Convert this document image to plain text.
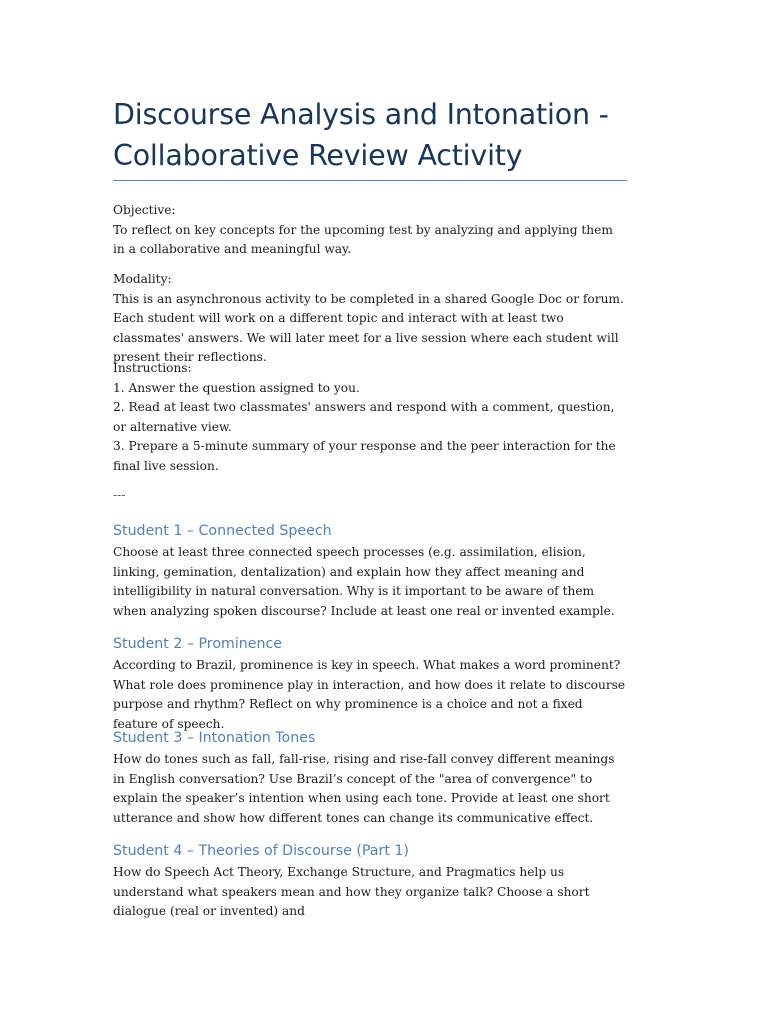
Discourse Analysis and Intonation - Collaborative Review Activity

Objective:

To reflect on key concepts for the upcoming test by analyzing and applying them in a collaborative and meaningful way.

Modality:

This is an asynchronous activity to be completed in a shared Google Doc or forum. Each student will work on a different topic and interact with at least two classmates' answers. We will later meet for a live session where each student will present their reflections.

Instructions:

1. Answer the question assigned to you.

2. Read at least two classmates' answers and respond with a comment, question, or alternative view.

3. Prepare a 5-minute summary of your response and the peer interaction for the final live session.

---
Student 1 – Connected Speech
Choose at least three connected speech processes (e.g. assimilation, elision, linking, gemination, dentalization) and explain how they affect meaning and intelligibility in natural conversation. Why is it important to be aware of them when analyzing spoken discourse? Include at least one real or invented example.
Student 2 – Prominence
According to Brazil, prominence is key in speech. What makes a word prominent? What role does prominence play in interaction, and how does it relate to discourse purpose and rhythm? Reflect on why prominence is a choice and not a fixed feature of speech.
Student 3 – Intonation Tones
How do tones such as fall, fall-rise, rising and rise-fall convey different meanings in English conversation? Use Brazil’s concept of the "area of convergence" to explain the speaker’s intention when using each tone. Provide at least one short utterance and show how different tones can change its communicative effect.
Student 4 – Theories of Discourse (Part 1)
How do Speech Act Theory, Exchange Structure, and Pragmatics help us understand what speakers mean and how they organize talk? Choose a short dialogue (real or invented) and
